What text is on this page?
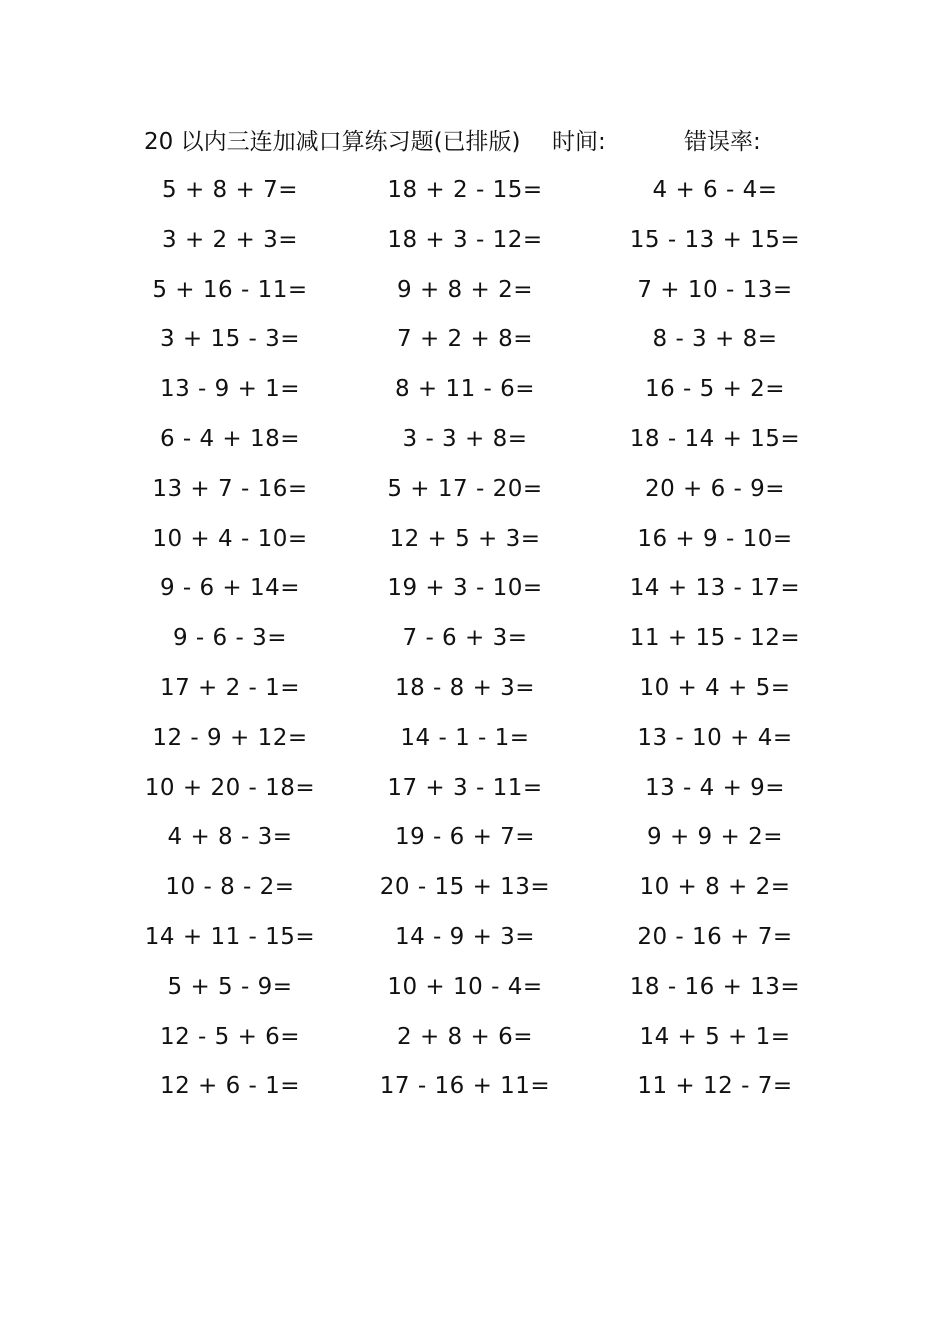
20 以内三连加减口算练习题(已排版) 时间:	错误率:
5 + 8 + 7=	18 + 2 - 15=	4 + 6 - 4=
3 + 2 + 3=	18 + 3 - 12=	15 - 13 + 15=
5 + 16 - 11=	9 + 8 + 2=	7 + 10 - 13=
3 + 15 - 3=	7 + 2 + 8=	8 - 3 + 8=
13 - 9 + 1=	8 + 11 - 6=	16 - 5 + 2=
6 - 4 + 18=	3 - 3 + 8=	18 - 14 + 15=
13 + 7 - 16=	5 + 17 - 20=	20 + 6 - 9=
10 + 4 - 10=	12 + 5 + 3=	16 + 9 - 10=
9 - 6 + 14=	19 + 3 - 10=	14 + 13 - 17=
9 - 6 - 3=	7 - 6 + 3=	11 + 15 - 12=
17 + 2 - 1=	18 - 8 + 3=	10 + 4 + 5=
12 - 9 + 12=	14 - 1 - 1=	13 - 10 + 4=
10 + 20 - 18=	17 + 3 - 11=	13 - 4 + 9=
4 + 8 - 3=	19 - 6 + 7=	9 + 9 + 2=
10 - 8 - 2=	20 - 15 + 13=	10 + 8 + 2=
14 + 11 - 15=	14 - 9 + 3=	20 - 16 + 7=
5 + 5 - 9=	10 + 10 - 4=	18 - 16 + 13=
12 - 5 + 6=	2 + 8 + 6=	14 + 5 + 1=
12 + 6 - 1=	17 - 16 + 11=	11 + 12 - 7=
